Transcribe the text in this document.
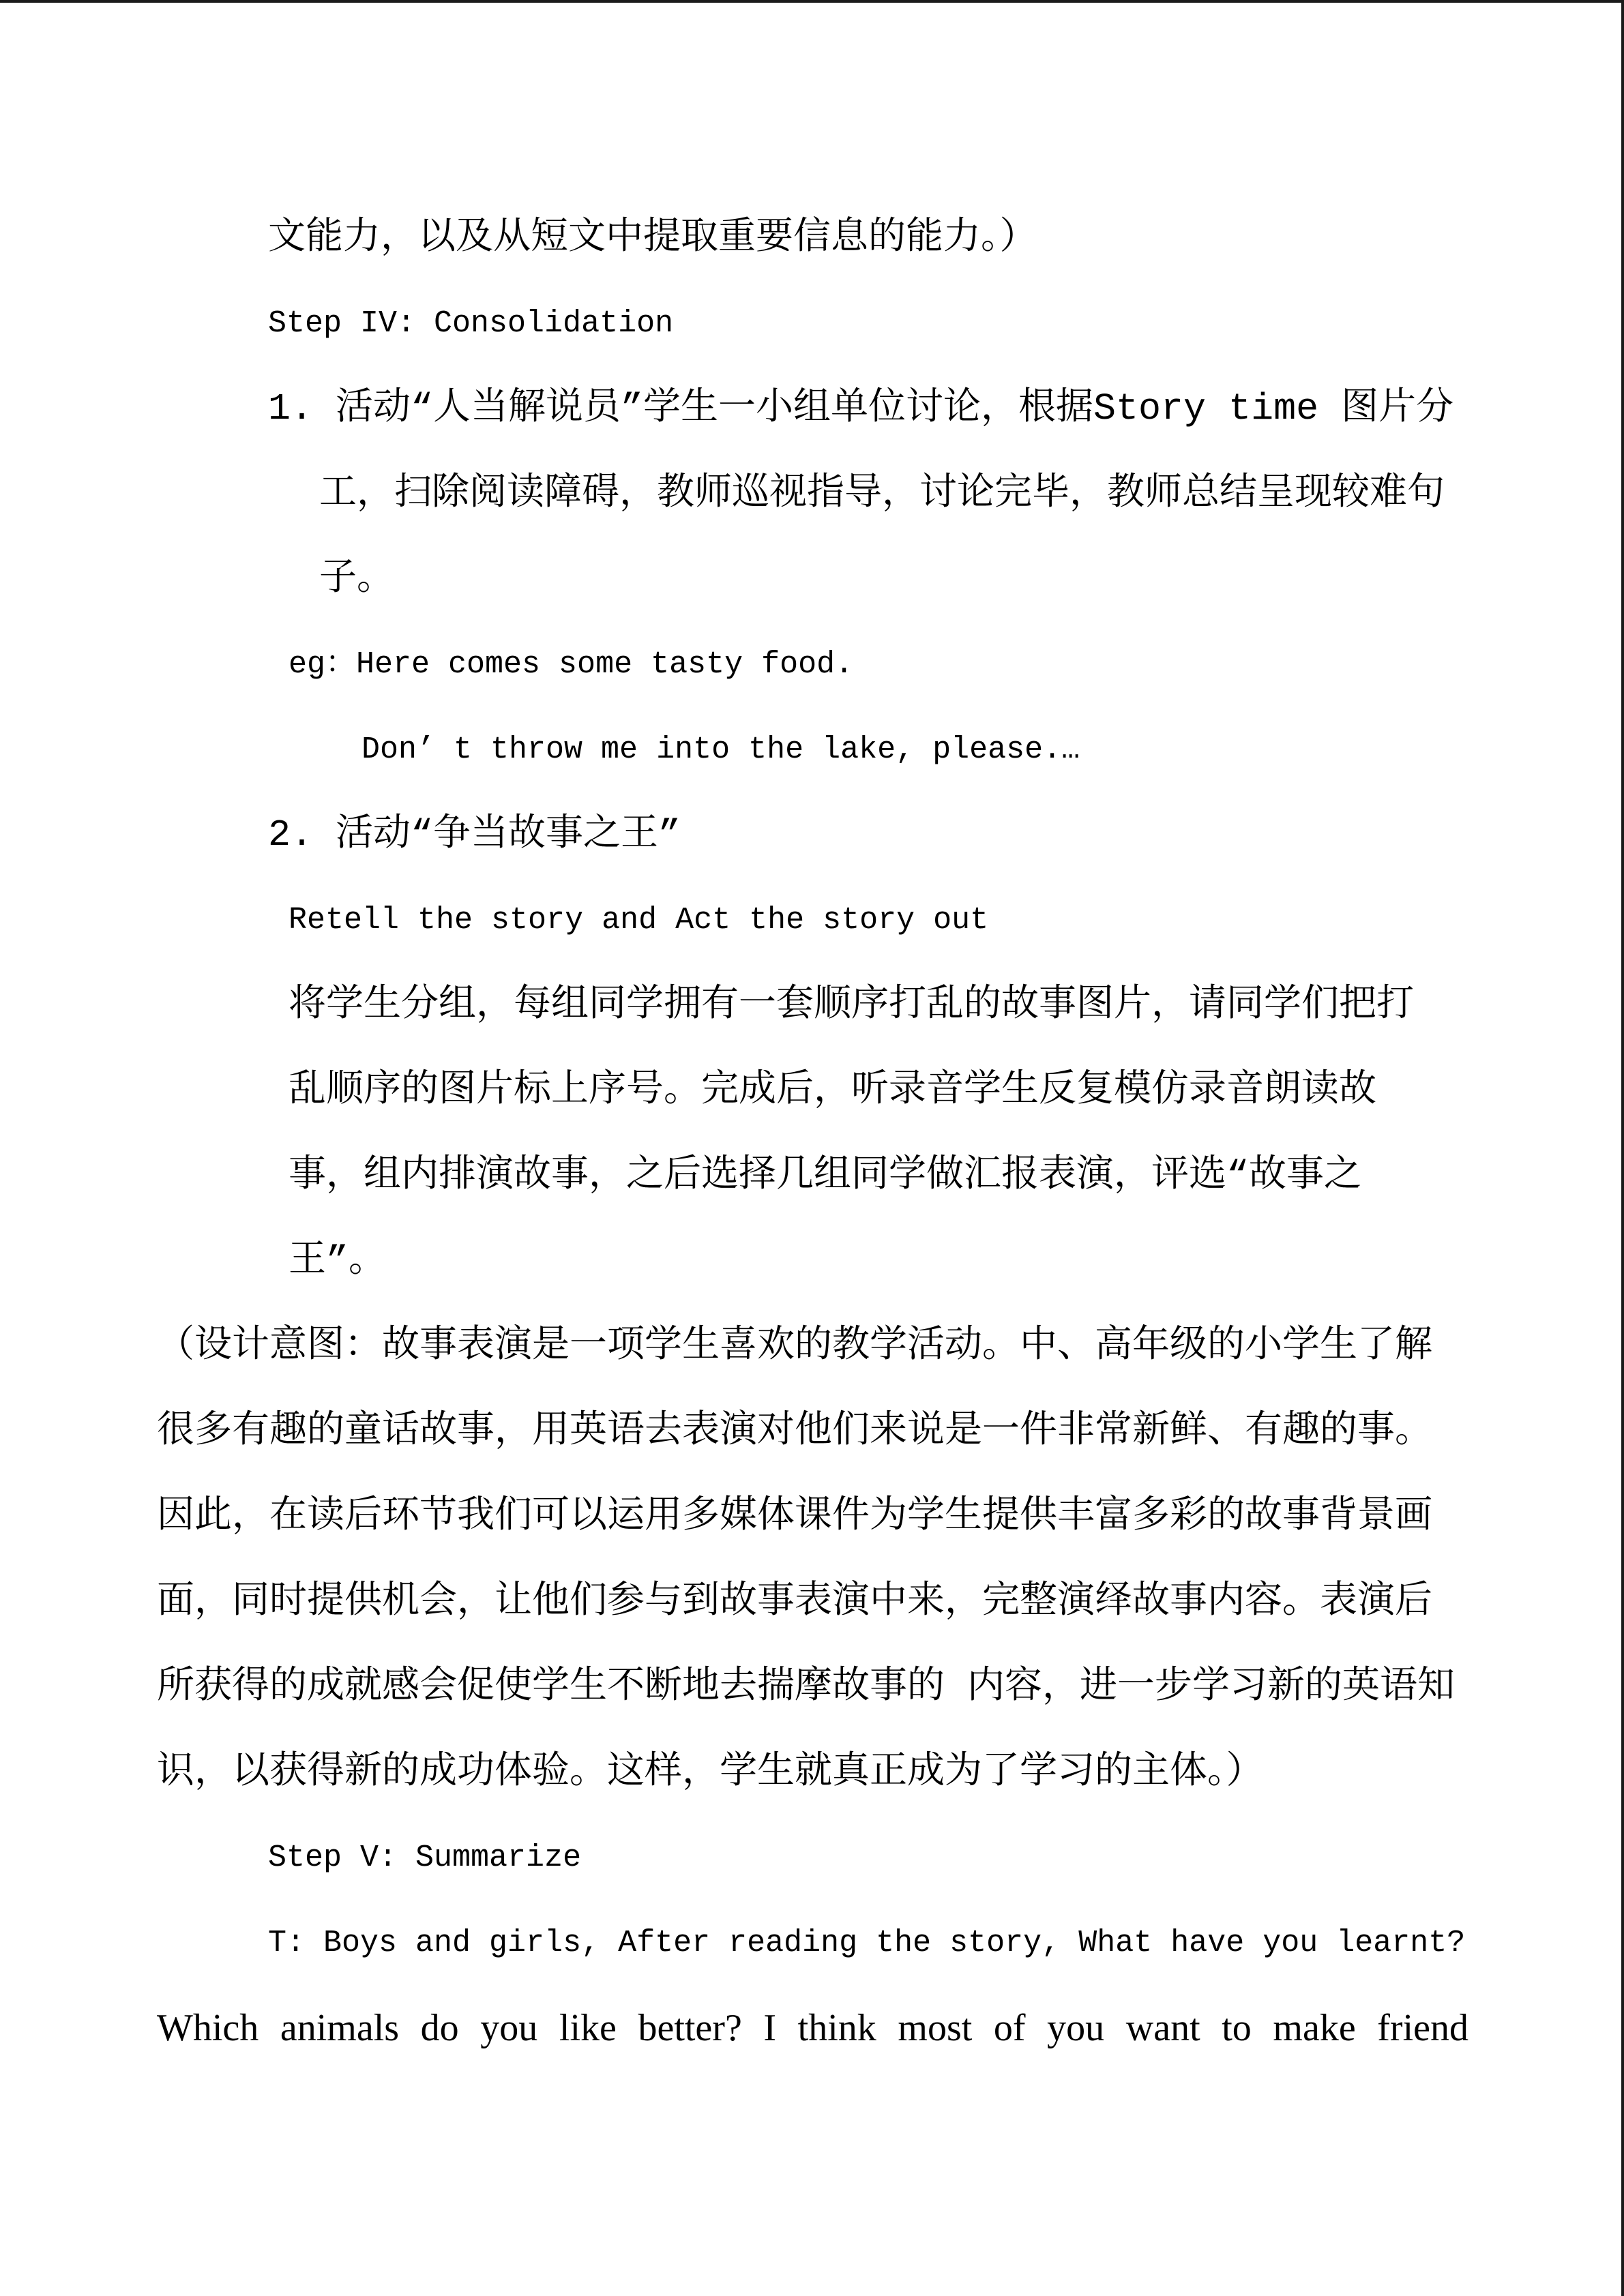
文能力，以及从短文中提取重要信息的能力。）
Step IV: Consolidation
1. 活动“人当解说员”学生一小组单位讨论，根据Story time 图片分
工，扫除阅读障碍，教师巡视指导，讨论完毕，教师总结呈现较难句
子。
eg：Here comes some tasty food.
Don’ t throw me into the lake, please.…
2. 活动“争当故事之王”
Retell the story and Act the story out
将学生分组，每组同学拥有一套顺序打乱的故事图片，请同学们把打
乱顺序的图片标上序号。完成后，听录音学生反复模仿录音朗读故
事，组内排演故事，之后选择几组同学做汇报表演，评选“故事之
王”。
（设计意图：故事表演是一项学生喜欢的教学活动。中、高年级的小学生了解
很多有趣的童话故事，用英语去表演对他们来说是一件非常新鲜、有趣的事。
因此，在读后环节我们可以运用多媒体课件为学生提供丰富多彩的故事背景画
面，同时提供机会，让他们参与到故事表演中来，完整演绎故事内容。表演后
所获得的成就感会促使学生不断地去揣摩故事的 内容，进一步学习新的英语知
识，以获得新的成功体验。这样，学生就真正成为了学习的主体。）
Step V: Summarize
T: Boys and girls, After reading the story, What have you learnt?
Which animals do you like better? I think most of you want to make friend
